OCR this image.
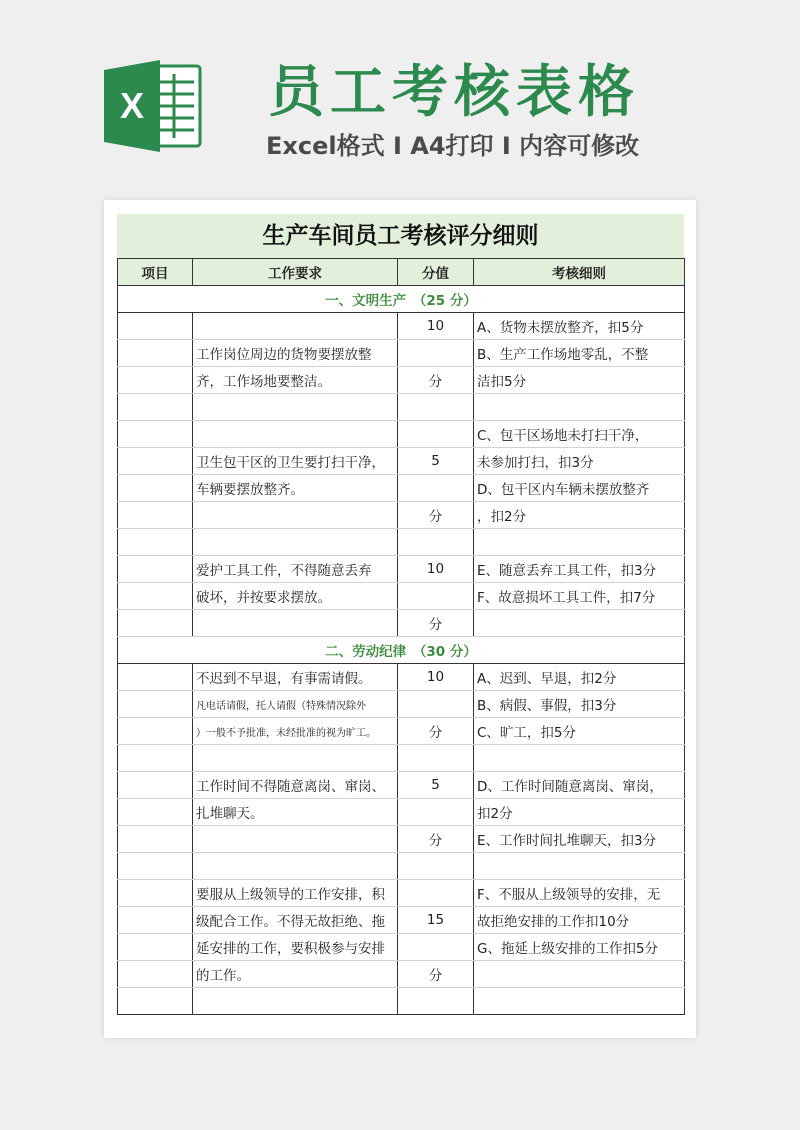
X 员工考核表格
Excel格式 Ⅰ A4打印 Ⅰ 内容可修改
生产车间员工考核评分细则
项目	工作要求	分值	考核细则
一、文明生产　（25 分）			
		10	A、货物未摆放整齐，扣5分
	工作岗位周边的货物要摆放整		B、生产工作场地零乱，不整
	齐，工作场地要整洁。	分	洁扣5分

			C、包干区场地未打扫干净，
	卫生包干区的卫生要打扫干净，	5	未参加打扫，扣3分
	车辆要摆放整齐。		D、包干区内车辆未摆放整齐
		分	，扣2分

	爱护工具工件，不得随意丢弃	10	E、随意丢弃工具工件，扣3分
	破坏，并按要求摆放。		F、故意损坏工具工件，扣7分
		分	
二、劳动纪律　（30 分）			
	不迟到不早退，有事需请假。	10	A、迟到、早退，扣2分
	凡电话请假，托人请假（特殊情况除外		B、病假、事假，扣3分
	）一般不予批准，未经批准的视为旷工。	分	C、旷工，扣5分

	工作时间不得随意离岗、窜岗、	5	D、工作时间随意离岗、窜岗，
	扎堆聊天。		扣2分
		分	E、工作时间扎堆聊天，扣3分

	要服从上级领导的工作安排，积		F、不服从上级领导的安排，无
	级配合工作。不得无故拒绝、拖	15	故拒绝安排的工作扣10分
	延安排的工作，要积极参与安排		G、拖延上级安排的工作扣5分
	的工作。	分	
